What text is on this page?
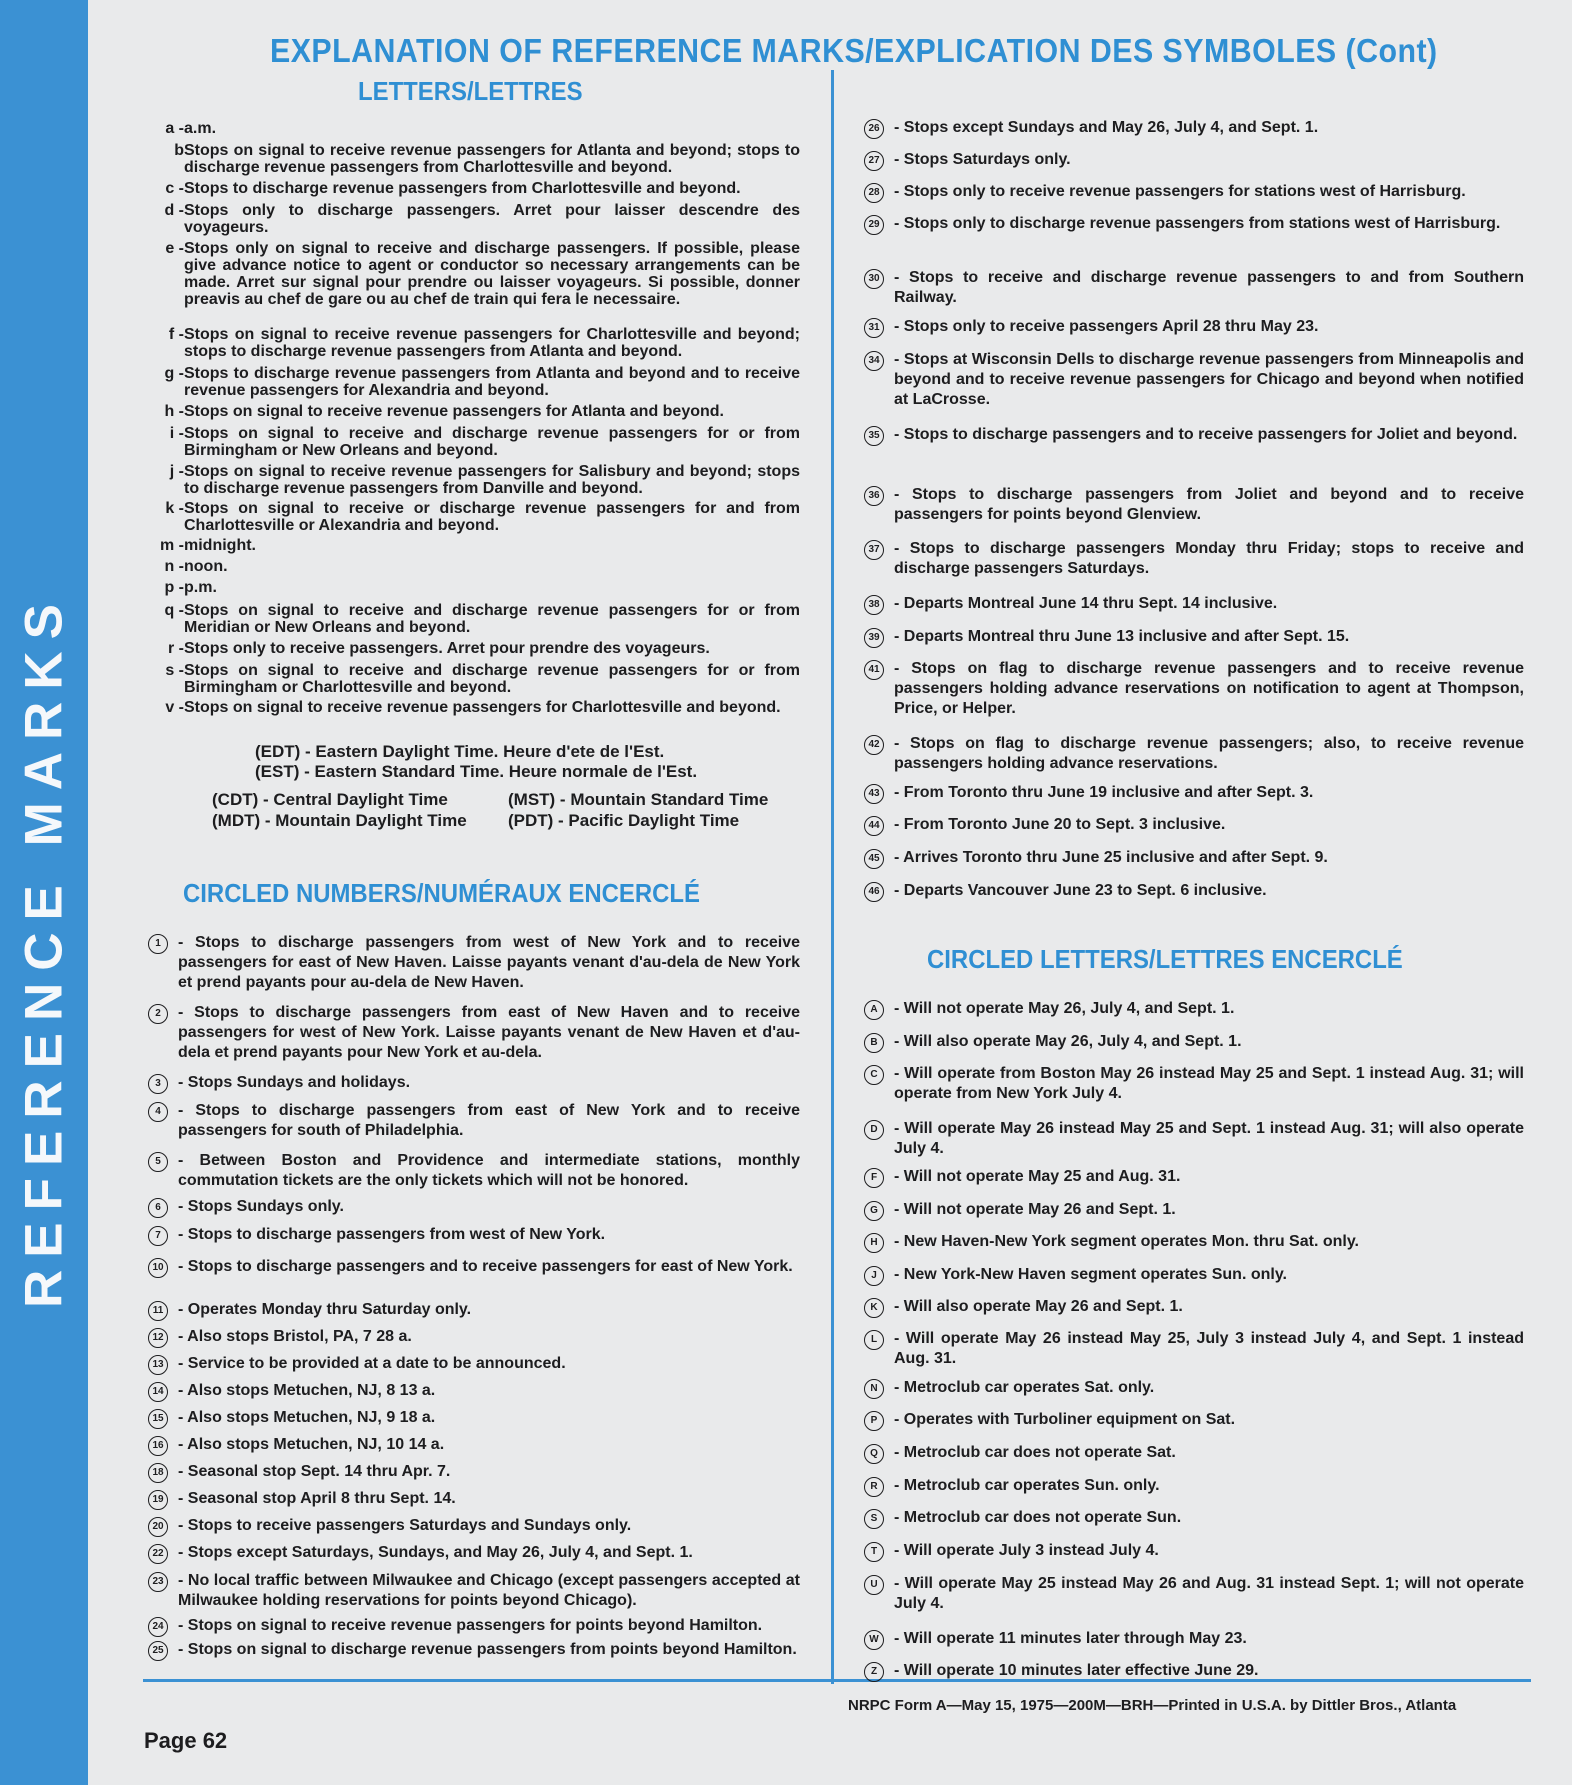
REFERENCE MARKS
EXPLANATION OF REFERENCE MARKS/EXPLICATION DES SYMBOLES (Cont)
LETTERS/LETTRES
a - a.m.
b Stops on signal to receive revenue passengers for Atlanta and beyond; stops to discharge revenue passengers from Charlottesville and beyond.
c - Stops to discharge revenue passengers from Charlottesville and beyond.
d - Stops only to discharge passengers. Arret pour laisser descendre des voyageurs.
e - Stops only on signal to receive and discharge passengers. If possible, please give advance notice to agent or conductor so necessary arrangements can be made. Arret sur signal pour prendre ou laisser voyageurs. Si possible, donner preavis au chef de gare ou au chef de train qui fera le necessaire.
f - Stops on signal to receive revenue passengers for Charlottesville and beyond; stops to discharge revenue passengers from Atlanta and beyond.
g - Stops to discharge revenue passengers from Atlanta and beyond and to receive revenue passengers for Alexandria and beyond.
h - Stops on signal to receive revenue passengers for Atlanta and beyond.
i - Stops on signal to receive and discharge revenue passengers for or from Birmingham or New Orleans and beyond.
j - Stops on signal to receive revenue passengers for Salisbury and beyond; stops to discharge revenue passengers from Danville and beyond.
k - Stops on signal to receive or discharge revenue passengers for and from Charlottesville or Alexandria and beyond.
m - midnight.
n - noon.
p - p.m.
q - Stops on signal to receive and discharge revenue passengers for or from Meridian or New Orleans and beyond.
r - Stops only to receive passengers. Arret pour prendre des voyageurs.
s - Stops on signal to receive and discharge revenue passengers for or from Birmingham or Charlottesville and beyond.
v - Stops on signal to receive revenue passengers for Charlottesville and beyond.
(EDT) - Eastern Daylight Time. Heure d'ete de l'Est.
(EST) - Eastern Standard Time. Heure normale de l'Est.
(CDT) - Central Daylight Time	(MST) - Mountain Standard Time
(MDT) - Mountain Daylight Time (PDT) - Pacific Daylight Time
CIRCLED NUMBERS/NUMÉRAUX ENCERCLÉ
1	- Stops to discharge passengers from west of New York and to receive passengers for east of New Haven. Laisse payants venant d'au-dela de New York et prend payants pour au-dela de New Haven.
2	- Stops to discharge passengers from east of New Haven and to receive passengers for west of New York. Laisse payants venant de New Haven et d'au-dela et prend payants pour New York et au-dela.
3	- Stops Sundays and holidays.
4	- Stops to discharge passengers from east of New York and to receive passengers for south of Philadelphia.
5	- Between Boston and Providence and intermediate stations, monthly commutation tickets are the only tickets which will not be honored.
6	- Stops Sundays only.
7	- Stops to discharge passengers from west of New York.
10 - Stops to discharge passengers and to receive passengers for east of New York.
11 - Operates Monday thru Saturday only.
12 - Also stops Bristol, PA, 7 28 a.
13 - Service to be provided at a date to be announced.
14 - Also stops Metuchen, NJ, 8 13 a.
15 - Also stops Metuchen, NJ, 9 18 a.
16 - Also stops Metuchen, NJ, 10 14 a.
18 - Seasonal stop Sept. 14 thru Apr. 7.
19 - Seasonal stop April 8 thru Sept. 14.
20 - Stops to receive passengers Saturdays and Sundays only.
22 - Stops except Saturdays, Sundays, and May 26, July 4, and Sept. 1.
23 - No local traffic between Milwaukee and Chicago (except passengers accepted at Milwaukee holding reservations for points beyond Chicago).
24 - Stops on signal to receive revenue passengers for points beyond Hamilton.
25 - Stops on signal to discharge revenue passengers from points beyond Hamilton.
26 - Stops except Sundays and May 26, July 4, and Sept. 1.
27 - Stops Saturdays only.
28 - Stops only to receive revenue passengers for stations west of Harrisburg.
29 - Stops only to discharge revenue passengers from stations west of Harrisburg.
30 - Stops to receive and discharge revenue passengers to and from Southern Railway.
31 - Stops only to receive passengers April 28 thru May 23.
34 - Stops at Wisconsin Dells to discharge revenue passengers from Minneapolis and beyond and to receive revenue passengers for Chicago and beyond when notified at LaCrosse.
35 - Stops to discharge passengers and to receive passengers for Joliet and beyond.
36 - Stops to discharge passengers from Joliet and beyond and to receive passengers for points beyond Glenview.
37 - Stops to discharge passengers Monday thru Friday; stops to receive and discharge passengers Saturdays.
38 - Departs Montreal June 14 thru Sept. 14 inclusive.
39 - Departs Montreal thru June 13 inclusive and after Sept. 15.
41 - Stops on flag to discharge revenue passengers and to receive revenue passengers holding advance reservations on notification to agent at Thompson, Price, or Helper.
42 - Stops on flag to discharge revenue passengers; also, to receive revenue passengers holding advance reservations.
43 - From Toronto thru June 19 inclusive and after Sept. 3.
44 - From Toronto June 20 to Sept. 3 inclusive.
45 - Arrives Toronto thru June 25 inclusive and after Sept. 9.
46 - Departs Vancouver June 23 to Sept. 6 inclusive.
CIRCLED LETTERS/LETTRES ENCERCLÉ
A	- Will not operate May 26, July 4, and Sept. 1.
B	- Will also operate May 26, July 4, and Sept. 1.
C	- Will operate from Boston May 26 instead May 25 and Sept. 1 instead Aug. 31; will operate from New York July 4.
D	- Will operate May 26 instead May 25 and Sept. 1 instead Aug. 31; will also operate July 4.
F	- Will not operate May 25 and Aug. 31.
G	- Will not operate May 26 and Sept. 1.
H	- New Haven-New York segment operates Mon. thru Sat. only.
J	- New York-New Haven segment operates Sun. only.
K	- Will also operate May 26 and Sept. 1.
L	- Will operate May 26 instead May 25, July 3 instead July 4, and Sept. 1 instead Aug. 31.
N	- Metroclub car operates Sat. only.
P	- Operates with Turboliner equipment on Sat.
Q	- Metroclub car does not operate Sat.
R	- Metroclub car operates Sun. only.
S	- Metroclub car does not operate Sun.
T	- Will operate July 3 instead July 4.
U	- Will operate May 25 instead May 26 and Aug. 31 instead Sept. 1; will not operate July 4.
W - Will operate 11 minutes later through May 23.
Z	- Will operate 10 minutes later effective June 29.
NRPC Form A—May 15, 1975—200M—BRH—Printed in U.S.A. by Dittler Bros., Atlanta
Page 62
